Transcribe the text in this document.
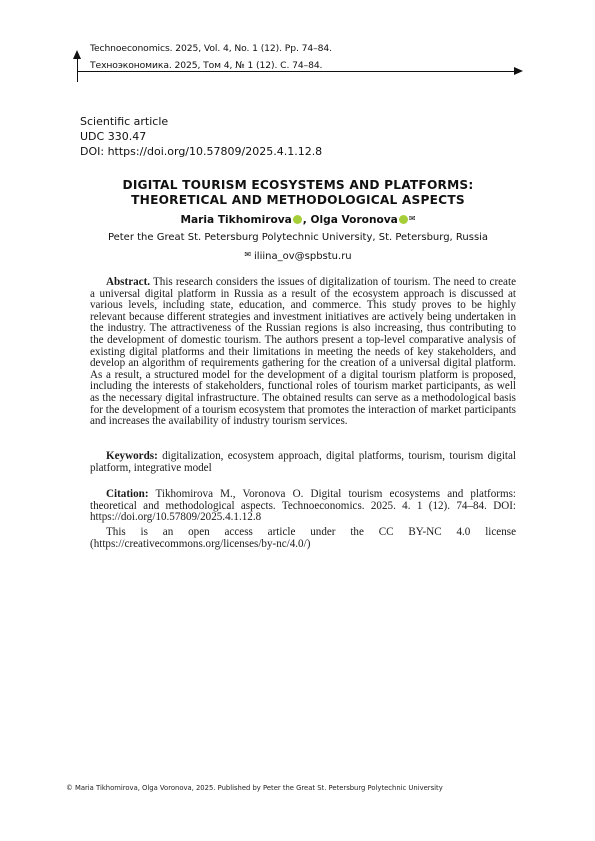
Technoeconomics. 2025, Vol. 4, No. 1 (12). Pp. 74–84.
Техноэкономика. 2025, Том 4, № 1 (12). С. 74–84.
Scientific article
UDC 330.47
DOI: https://doi.org/10.57809/2025.4.1.12.8
DIGITAL TOURISM ECOSYSTEMS AND PLATFORMS:
THEORETICAL AND METHODOLOGICAL ASPECTS
Maria Tikhomirova , Olga Voronova ✉
Peter the Great St. Petersburg Polytechnic University, St. Petersburg, Russia
✉ iliina_ov@spbstu.ru
Abstract. This research considers the issues of digitalization of tourism. The need to create a universal digital platform in Russia as a result of the ecosystem approach is discussed at various levels, including state, education, and commerce. This study proves to be highly relevant because different strategies and investment initiatives are actively being undertaken in the industry. The attractiveness of the Russian regions is also increasing, thus contributing to the development of domestic tourism. The authors present a top-level comparative analysis of existing digital platforms and their limitations in meeting the needs of key stakeholders, and develop an algorithm of requirements gathering for the creation of a universal digital platform. As a result, a structured model for the development of a digital tourism platform is proposed, including the interests of stakeholders, functional roles of tourism market participants, as well as the necessary digital infrastructure. The obtained results can serve as a methodological basis for the development of a tourism ecosystem that promotes the interaction of market participants and increases the availability of industry tourism services.
Keywords: digitalization, ecosystem approach, digital platforms, tourism, tourism digital platform, integrative model
Citation: Tikhomirova M., Voronova O. Digital tourism ecosystems and platforms: theoretical and methodological aspects. Technoeconomics. 2025. 4. 1 (12). 74–84. DOI: https://doi.org/10.57809/2025.4.1.12.8
This is an open access article under the CC BY-NC 4.0 license (https://creativecommons.org/licenses/by-nc/4.0/)
© Maria Tikhomirova, Olga Voronova, 2025. Published by Peter the Great St. Petersburg Polytechnic University
